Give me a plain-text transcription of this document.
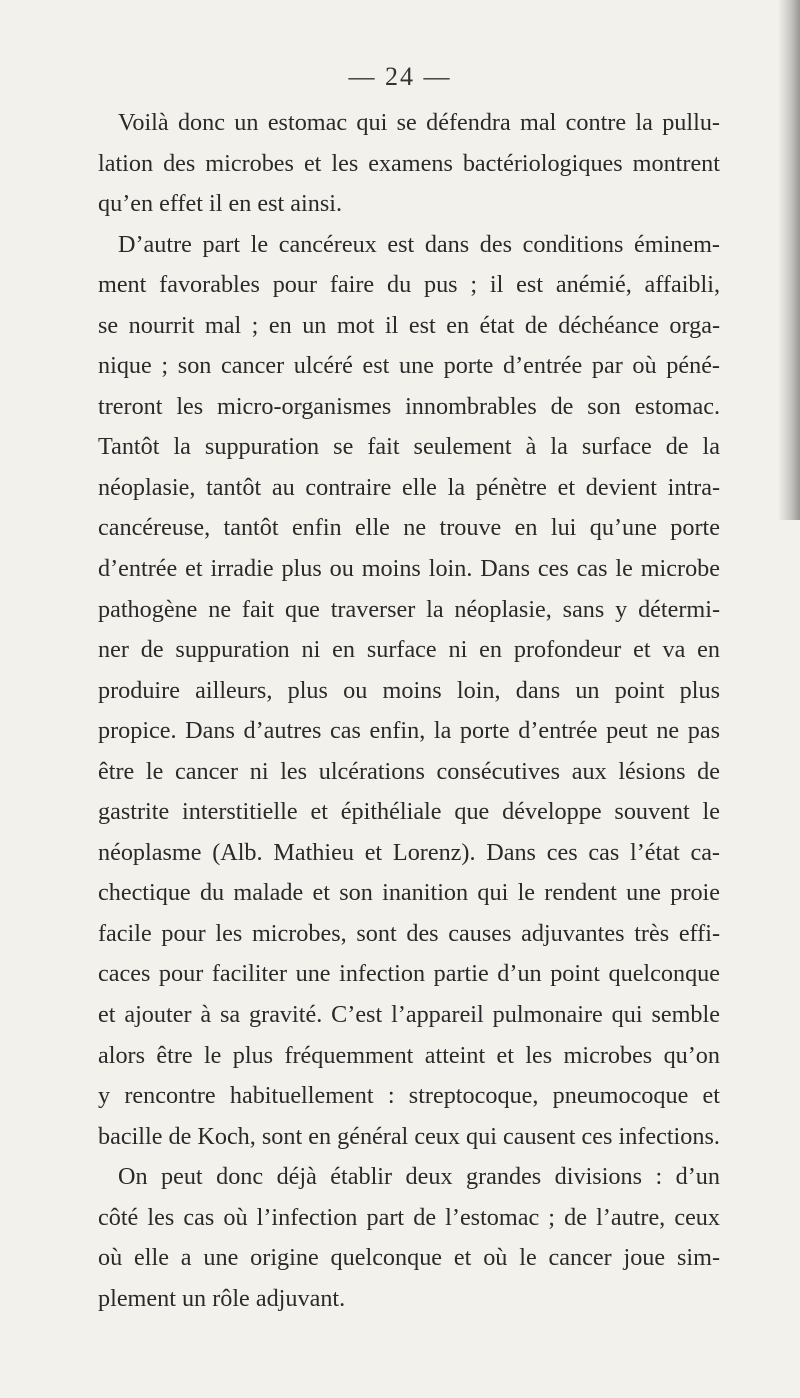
— 24 —
Voilà donc un estomac qui se défendra mal contre la pullu-
lation des microbes et les examens bactériologiques montrent
qu’en effet il en est ainsi.
D’autre part le cancéreux est dans des conditions éminem-
ment favorables pour faire du pus ; il est anémié, affaibli,
se nourrit mal ; en un mot il est en état de déchéance orga-
nique ; son cancer ulcéré est une porte d’entrée par où péné-
treront les micro-organismes innombrables de son estomac.
Tantôt la suppuration se fait seulement à la surface de la
néoplasie, tantôt au contraire elle la pénètre et devient intra-
cancéreuse, tantôt enfin elle ne trouve en lui qu’une porte
d’entrée et irradie plus ou moins loin. Dans ces cas le microbe
pathogène ne fait que traverser la néoplasie, sans y détermi-
ner de suppuration ni en surface ni en profondeur et va en
produire ailleurs, plus ou moins loin, dans un point plus
propice. Dans d’autres cas enfin, la porte d’entrée peut ne pas
être le cancer ni les ulcérations consécutives aux lésions de
gastrite interstitielle et épithéliale que développe souvent le
néoplasme (Alb. Mathieu et Lorenz). Dans ces cas l’état ca-
chectique du malade et son inanition qui le rendent une proie
facile pour les microbes, sont des causes adjuvantes très effi-
caces pour faciliter une infection partie d’un point quelconque
et ajouter à sa gravité. C’est l’appareil pulmonaire qui semble
alors être le plus fréquemment atteint et les microbes qu’on
y rencontre habituellement : streptocoque, pneumocoque et
bacille de Koch, sont en général ceux qui causent ces infections.
On peut donc déjà établir deux grandes divisions : d’un
côté les cas où l’infection part de l’estomac ; de l’autre, ceux
où elle a une origine quelconque et où le cancer joue sim-
plement un rôle adjuvant.
